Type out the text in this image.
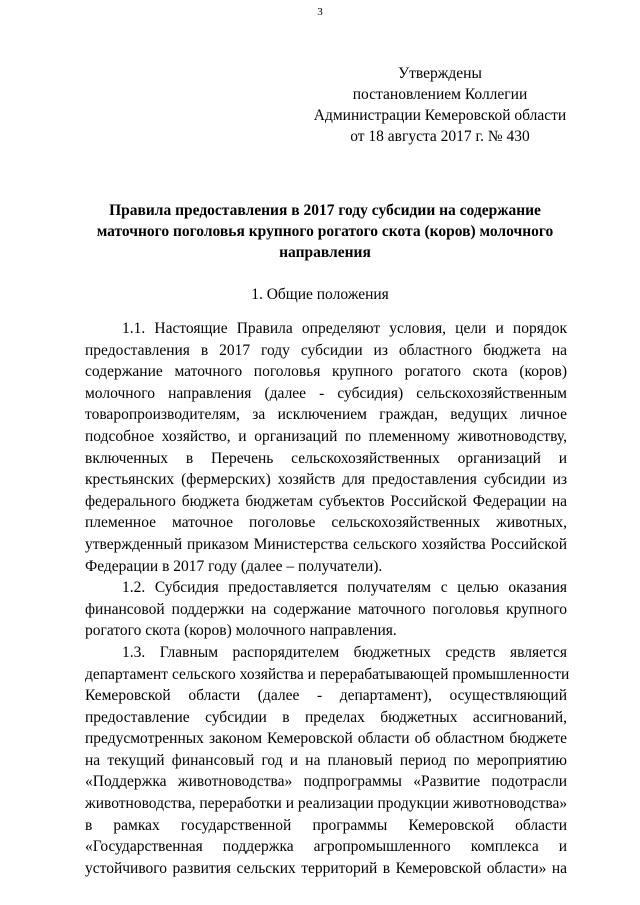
3
Утверждены
постановлением Коллегии
Администрации Кемеровской области
от 18 августа 2017 г. № 430
Правила предоставления в 2017 году субсидии на содержание
маточного поголовья крупного рогатого скота (коров) молочного
направления
1. Общие положения
1.1. Настоящие Правила определяют условия, цели и порядок
предоставления в 2017 году субсидии из областного бюджета на
содержание маточного поголовья крупного рогатого скота (коров)
молочного направления (далее - субсидия) сельскохозяйственным
товаропроизводителям, за исключением граждан, ведущих личное
подсобное хозяйство, и организаций по племенному животноводству,
включенных в Перечень сельскохозяйственных организаций и
крестьянских (фермерских) хозяйств для предоставления субсидии из
федерального бюджета бюджетам субъектов Российской Федерации на
племенное маточное поголовье сельскохозяйственных животных,
утвержденный приказом Министерства сельского хозяйства Российской
Федерации в 2017 году (далее – получатели).
1.2. Субсидия предоставляется получателям с целью оказания
финансовой поддержки на содержание маточного поголовья крупного
рогатого скота (коров) молочного направления.
1.3. Главным распорядителем бюджетных средств является
департамент сельского хозяйства и перерабатывающей промышленности
Кемеровской области (далее - департамент), осуществляющий
предоставление субсидии в пределах бюджетных ассигнований,
предусмотренных законом Кемеровской области об областном бюджете
на текущий финансовый год и на плановый период по мероприятию
«Поддержка животноводства» подпрограммы «Развитие подотрасли
животноводства, переработки и реализации продукции животноводства»
в рамках государственной программы Кемеровской области
«Государственная поддержка агропромышленного комплекса и
устойчивого развития сельских территорий в Кемеровской области» на
